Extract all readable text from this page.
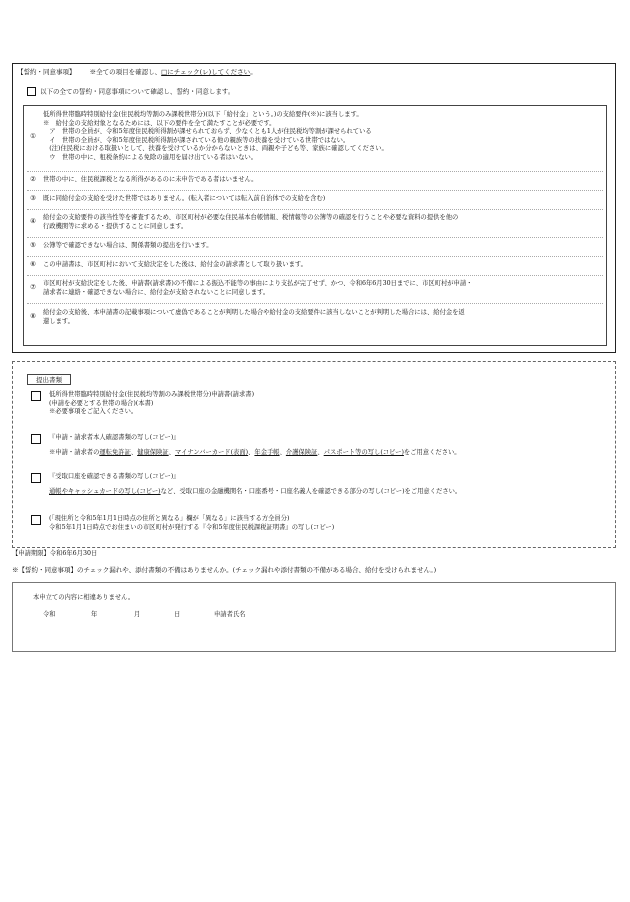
【誓約・同意事項】 ※全ての項目を確認し、□にチェック(レ)してください。
以下の全ての誓約・同意事項について確認し、誓約・同意します。
①
低所得世帯臨時特別給付金(住民税均等割のみ課税世帯分)(以下「給付金」という。)の支給要件(※)に該当します。
※　給付金の支給対象となるためには、以下の要件を全て満たすことが必要です。
　ア　世帯の全員が、令和5年度住民税所得割が課せられておらず、少なくとも1人が住民税均等割が課せられている
　イ　世帯の全員が、令和5年度住民税所得割が課されている他の親族等の扶養を受けている世帯ではない。
　(注)住民税における取扱いとして、扶養を受けているか分からないときは、両親や子ども等、家族に確認してください。
　ウ　世帯の中に、租税条約による免除の適用を届け出ている者はいない。
②	世帯の中に、住民税課税となる所得があるのに未申告である者はいません。
③	既に同給付金の支給を受けた世帯ではありません。(転入者については転入前自治体での支給を含む)
④
給付金の支給要件の該当性等を審査するため、市区町村が必要な住民基本台帳情報、税情報等の公簿等の確認を行うことや必要な資料の提供を他の
行政機関等に求める・提供することに同意します。
⑤	公簿等で確認できない場合は、関係書類の提出を行います。
⑥	この申請書は、市区町村において支給決定をした後は、給付金の請求書として取り扱います。
⑦
市区町村が支給決定をした後、申請書(請求書)の不備による振込不能等の事由により支払が完了せず、かつ、令和6年6月30日までに、市区町村が申請・
請求者に連絡・確認できない場合に、給付金が支給されないことに同意します。
⑧
給付金の支給後、本申請書の記載事項について虚偽であることが判明した場合や給付金の支給要件に該当しないことが判明した場合には、給付金を返
還します。
提出書類
低所得世帯臨時特別給付金(住民税均等割のみ課税世帯分)申請書(請求書)
(申請を必要とする世帯の場合)(本書)
※必要事項をご記入ください。
『申請・請求者本人確認書類の写し(コピー)』
※申請・請求者の運転免許証、健康保険証、マイナンバーカード(表面)、年金手帳、介護保険証、パスポート等の写し(コピー)をご用意ください。
『受取口座を確認できる書類の写し(コピー)』
通帳やキャッシュカードの写し(コピー)など、受取口座の金融機関名・口座番号・口座名義人を確認できる部分の写し(コピー)をご用意ください。
(「現住所と令和5年1月1日時点の住所と異なる」欄が「異なる」に該当する方全員分)
令和5年1月1日時点でお住まいの市区町村が発行する『令和5年度住民税課税証明書』の写し(コピー)
【申請期限】令和6年6月30日
※【誓約・同意事項】のチェック漏れや、添付書類の不備はありませんか。(チェック漏れや添付書類の不備がある場合、給付を受けられません。)
本申立ての内容に相違ありません。
令和	年	月	日	申請者氏名
